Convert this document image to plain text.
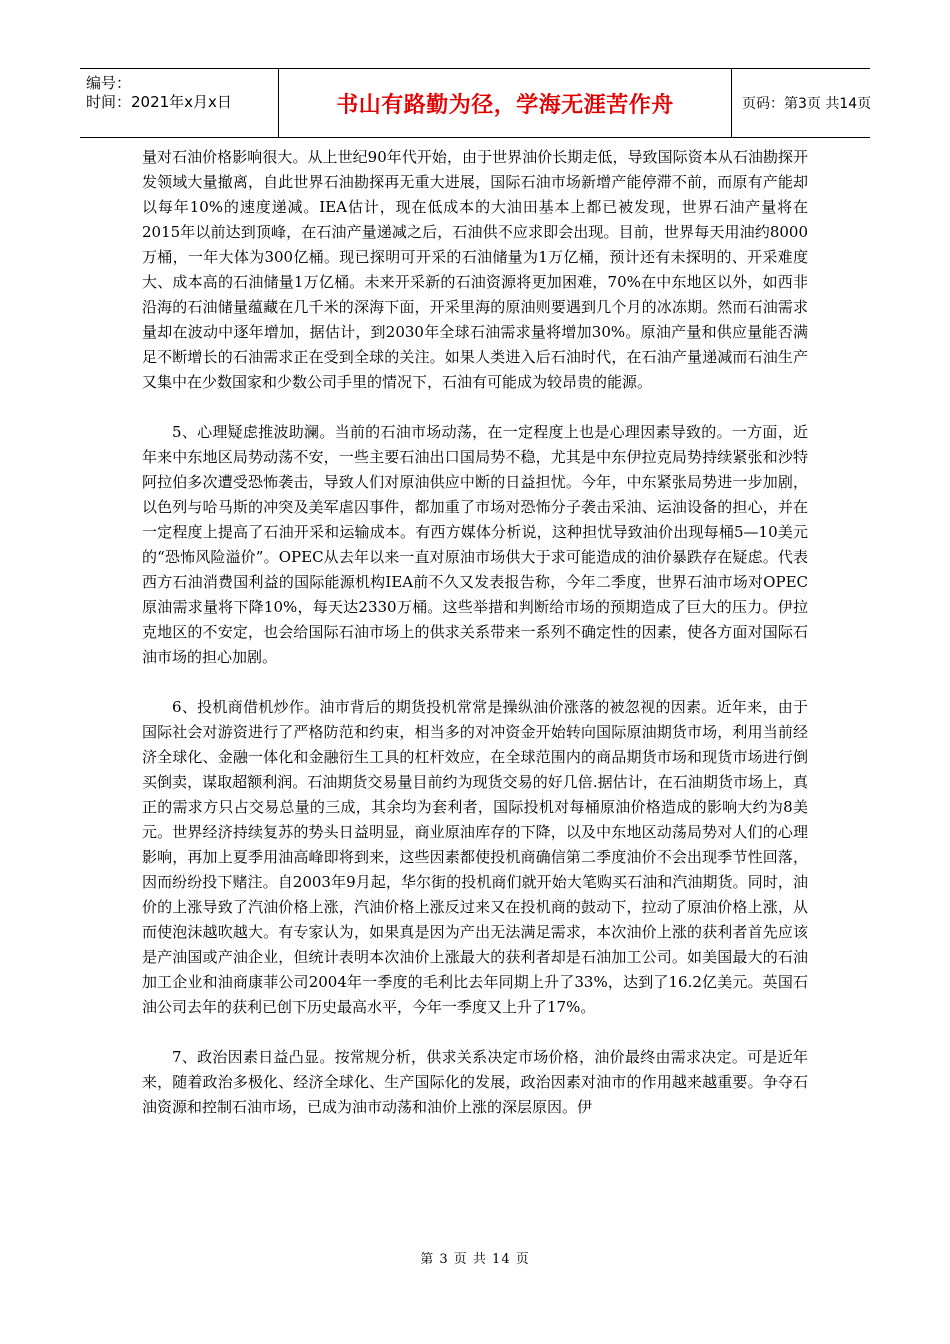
编号：
时间：2021年x月x日	书山有路勤为径，学海无涯苦作舟	页码：第3页 共14页

量对石油价格影响很大。从上世纪90年代开始，由于世界油价长期走低，导致国际资本从石油勘探开发领域大量撤离，自此世界石油勘探再无重大进展，国际石油市场新增产能停滞不前，而原有产能却以每年10%的速度递减。IEA估计，现在低成本的大油田基本上都已被发现，世界石油产量将在2015年以前达到顶峰，在石油产量递减之后，石油供不应求即会出现。目前，世界每天用油约8000万桶，一年大体为300亿桶。现已探明可开采的石油储量为1万亿桶，预计还有未探明的、开采难度大、成本高的石油储量1万亿桶。未来开采新的石油资源将更加困难，70%在中东地区以外，如西非沿海的石油储量蕴藏在几千米的深海下面，开采里海的原油则要遇到几个月的冰冻期。然而石油需求量却在波动中逐年增加，据估计，到2030年全球石油需求量将增加30%。原油产量和供应量能否满足不断增长的石油需求正在受到全球的关注。如果人类进入后石油时代，在石油产量递减而石油生产又集中在少数国家和少数公司手里的情况下，石油有可能成为较昂贵的能源。

5、心理疑虑推波助澜。当前的石油市场动荡，在一定程度上也是心理因素导致的。一方面，近年来中东地区局势动荡不安，一些主要石油出口国局势不稳，尤其是中东伊拉克局势持续紧张和沙特阿拉伯多次遭受恐怖袭击，导致人们对原油供应中断的日益担忧。今年，中东紧张局势进一步加剧，以色列与哈马斯的冲突及美军虐囚事件，都加重了市场对恐怖分子袭击采油、运油设备的担心，并在一定程度上提高了石油开采和运输成本。有西方媒体分析说，这种担忧导致油价出现每桶5—10美元的“恐怖风险溢价”。OPEC从去年以来一直对原油市场供大于求可能造成的油价暴跌存在疑虑。代表西方石油消费国利益的国际能源机构IEA前不久又发表报告称，今年二季度，世界石油市场对OPEC原油需求量将下降10%，每天达2330万桶。这些举措和判断给市场的预期造成了巨大的压力。伊拉克地区的不安定，也会给国际石油市场上的供求关系带来一系列不确定性的因素，使各方面对国际石油市场的担心加剧。

6、投机商借机炒作。油市背后的期货投机常常是操纵油价涨落的被忽视的因素。近年来，由于国际社会对游资进行了严格防范和约束，相当多的对冲资金开始转向国际原油期货市场，利用当前经济全球化、金融一体化和金融衍生工具的杠杆效应，在全球范围内的商品期货市场和现货市场进行倒买倒卖，谋取超额利润。石油期货交易量目前约为现货交易的好几倍.据估计，在石油期货市场上，真正的需求方只占交易总量的三成，其余均为套利者，国际投机对每桶原油价格造成的影响大约为8美元。世界经济持续复苏的势头日益明显，商业原油库存的下降，以及中东地区动荡局势对人们的心理影响，再加上夏季用油高峰即将到来，这些因素都使投机商确信第二季度油价不会出现季节性回落，因而纷纷投下赌注。自2003年9月起，华尔街的投机商们就开始大笔购买石油和汽油期货。同时，油价的上涨导致了汽油价格上涨，汽油价格上涨反过来又在投机商的鼓动下，拉动了原油价格上涨，从而使泡沫越吹越大。有专家认为，如果真是因为产出无法满足需求，本次油价上涨的获利者首先应该是产油国或产油企业，但统计表明本次油价上涨最大的获利者却是石油加工公司。如美国最大的石油加工企业和油商康菲公司2004年一季度的毛利比去年同期上升了33%，达到了16.2亿美元。英国石油公司去年的获利已创下历史最高水平，今年一季度又上升了17%。

7、政治因素日益凸显。按常规分析，供求关系决定市场价格，油价最终由需求决定。可是近年来，随着政治多极化、经济全球化、生产国际化的发展，政治因素对油市的作用越来越重要。争夺石油资源和控制石油市场，已成为油市动荡和油价上涨的深层原因。伊

第 3 页 共 14 页
